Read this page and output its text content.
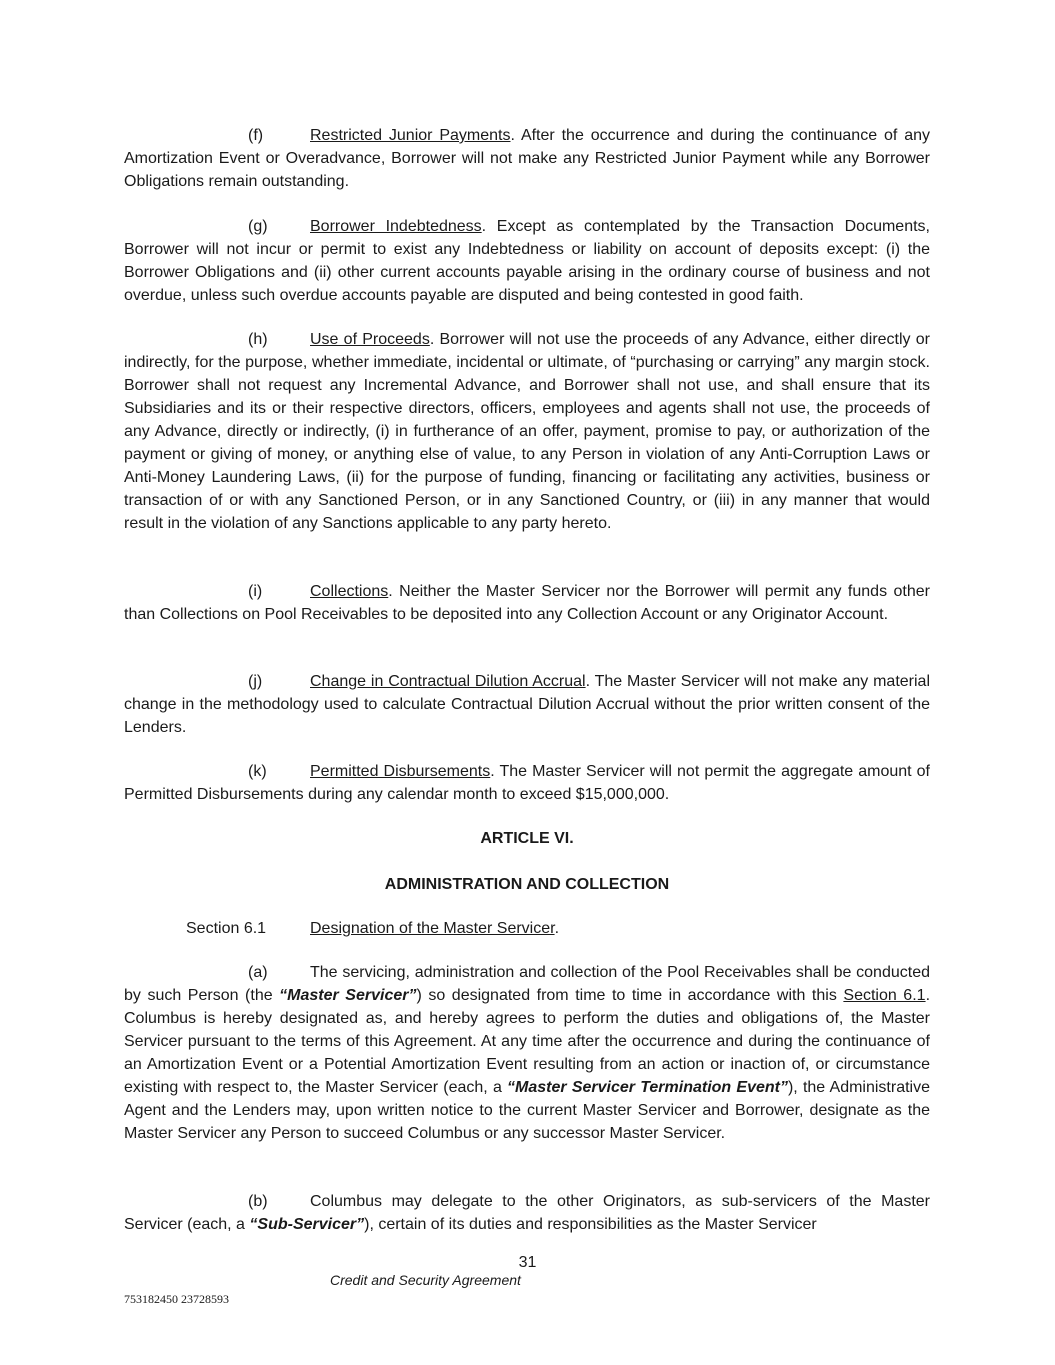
(f)	Restricted Junior Payments. After the occurrence and during the continuance of any Amortization Event or Overadvance, Borrower will not make any Restricted Junior Payment while any Borrower Obligations remain outstanding.

(g)	Borrower Indebtedness. Except as contemplated by the Transaction Documents, Borrower will not incur or permit to exist any Indebtedness or liability on account of deposits except: (i) the Borrower Obligations and (ii) other current accounts payable arising in the ordinary course of business and not overdue, unless such overdue accounts payable are disputed and being contested in good faith.

(h)	Use of Proceeds. Borrower will not use the proceeds of any Advance, either directly or indirectly, for the purpose, whether immediate, incidental or ultimate, of “purchasing or carrying” any margin stock. Borrower shall not request any Incremental Advance, and Borrower shall not use, and shall ensure that its Subsidiaries and its or their respective directors, officers, employees and agents shall not use, the proceeds of any Advance, directly or indirectly, (i) in furtherance of an offer, payment, promise to pay, or authorization of the payment or giving of money, or anything else of value, to any Person in violation of any Anti-Corruption Laws or Anti-Money Laundering Laws, (ii) for the purpose of funding, financing or facilitating any activities, business or transaction of or with any Sanctioned Person, or in any Sanctioned Country, or (iii) in any manner that would result in the violation of any Sanctions applicable to any party hereto.

(i)	Collections. Neither the Master Servicer nor the Borrower will permit any funds other than Collections on Pool Receivables to be deposited into any Collection Account or any Originator Account.

(j)	Change in Contractual Dilution Accrual. The Master Servicer will not make any material change in the methodology used to calculate Contractual Dilution Accrual without the prior written consent of the Lenders.

(k)	Permitted Disbursements. The Master Servicer will not permit the aggregate amount of Permitted Disbursements during any calendar month to exceed $15,000,000.

ARTICLE VI.

ADMINISTRATION AND COLLECTION

Section 6.1	Designation of the Master Servicer.

(a)	The servicing, administration and collection of the Pool Receivables shall be conducted by such Person (the “Master Servicer”) so designated from time to time in accordance with this Section 6.1. Columbus is hereby designated as, and hereby agrees to perform the duties and obligations of, the Master Servicer pursuant to the terms of this Agreement. At any time after the occurrence and during the continuance of an Amortization Event or a Potential Amortization Event resulting from an action or inaction of, or circumstance existing with respect to, the Master Servicer (each, a “Master Servicer Termination Event”), the Administrative Agent and the Lenders may, upon written notice to the current Master Servicer and Borrower, designate as the Master Servicer any Person to succeed Columbus or any successor Master Servicer.

(b)	Columbus may delegate to the other Originators, as sub-servicers of the Master Servicer (each, a “Sub-Servicer”), certain of its duties and responsibilities as the Master Servicer

31

Credit and Security Agreement

753182450 23728593
